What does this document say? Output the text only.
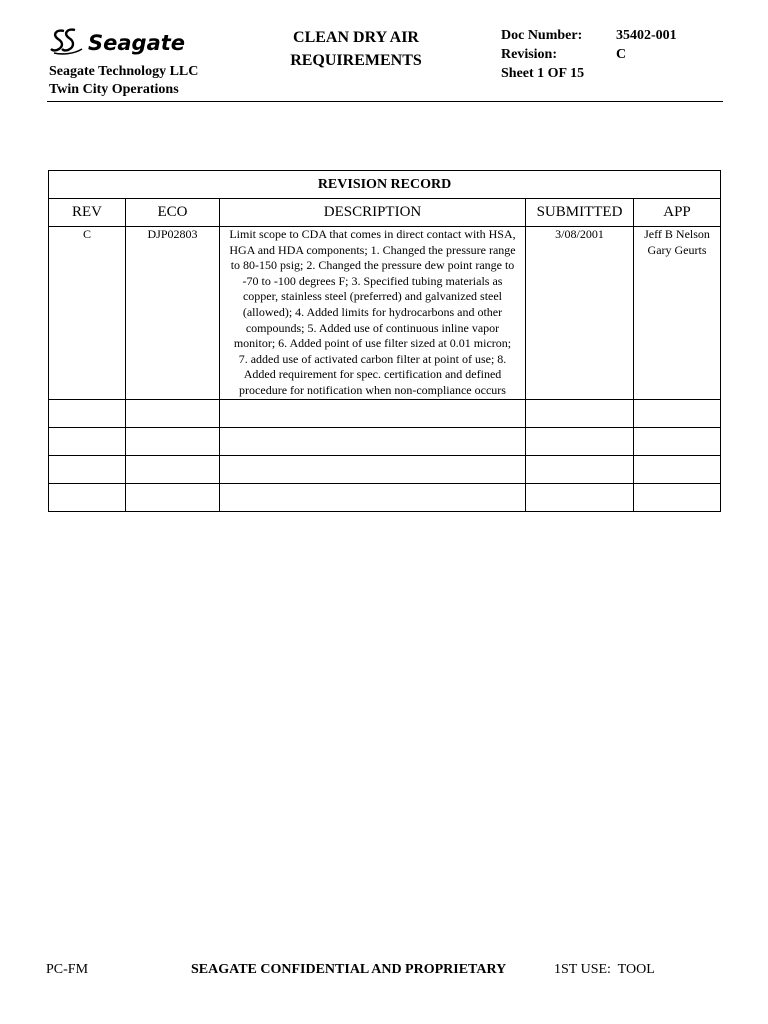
Seagate
Seagate Technology LLC
Twin City Operations
CLEAN DRY AIR
REQUIREMENTS
Doc Number:	35402-001
Revision:	C
Sheet 1 OF 15
REVISION RECORD				
REV	ECO	DESCRIPTION	SUBMITTED	APP
C	DJP02803	Limit scope to CDA that comes in direct contact with HSA, HGA and HDA components; 1. Changed the pressure range to 80-150 psig; 2. Changed the pressure dew point range to -70 to -100 degrees F; 3. Specified tubing materials as copper, stainless steel (preferred) and galvanized steel (allowed); 4. Added limits for hydrocarbons and other compounds; 5. Added use of continuous inline vapor monitor; 6. Added point of use filter sized at 0.01 micron; 7. added use of activated carbon filter at point of use; 8. Added requirement for spec. certification and defined procedure for notification when non-compliance occurs	3/08/2001	Jeff B Nelson
Gary Geurts

PC-FM	SEAGATE CONFIDENTIAL AND PROPRIETARY	1ST USE:  TOOL
